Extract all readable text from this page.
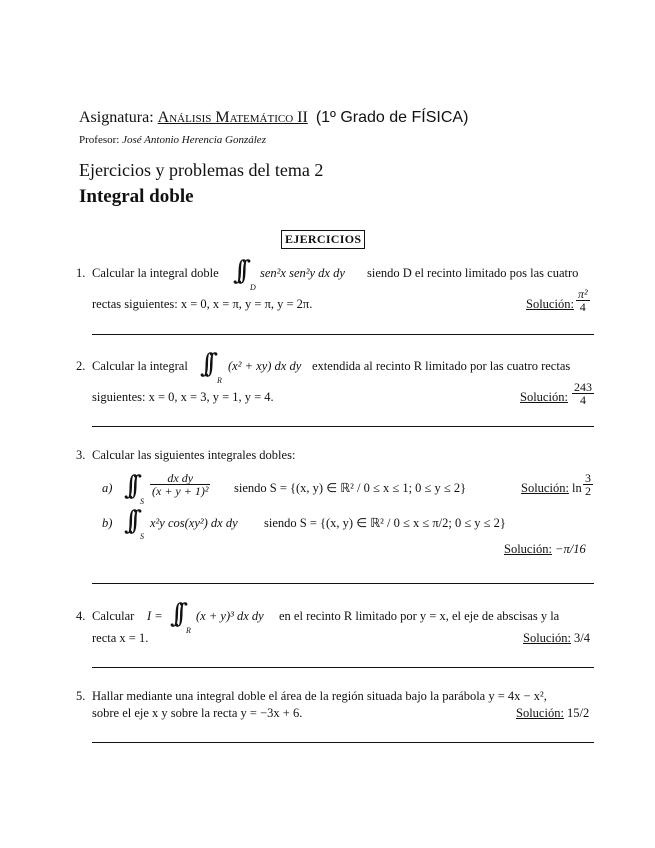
Asignatura: Análisis Matemático II (1º Grado de FÍSICA)
Profesor: José Antonio Herencia González
Ejercicios y problemas del tema 2
Integral doble
EJERCICIOS
1. Calcular la integral doble ∫∫
D
sen²x sen²y dx dy siendo D el recinto limitado pos las cuatro
rectas siguientes: x = 0, x = π, y = π, y = 2π.	Solución: $\frac{\text{π²}}{4}$
2. Calcular la integral ∫∫
R
(x² + xy) dx dy extendida al recinto R limitado por las cuatro rectas
siguientes: x = 0, x = 3, y = 1, y = 4.	Solución: $\frac{243}{4}$
3. Calcular las siguientes integrales dobles:
a) ∫∫
S
$\frac{\text{dx dy}}{\text{(x + y + 1)²}}$ siendo S = {(x, y) ∈ ℝ² / 0 ≤ x ≤ 1; 0 ≤ y ≤ 2}	Solución: $\ln \frac{3}{2}$
b) ∫∫
S
x²y cos(xy²) dx dy siendo S = {(x, y) ∈ ℝ² / 0 ≤ x ≤ π/2; 0 ≤ y ≤ 2}
Solución: −π/16
4. Calcular I = ∫∫
R
(x + y)³ dx dy en el recinto R limitado por y = x, el eje de abscisas y la
recta x = 1.	Solución: 3/4
5. Hallar mediante una integral doble el área de la región situada bajo la parábola y = 4x − x²,
sobre el eje x y sobre la recta y = −3x + 6.	Solución: 15/2
